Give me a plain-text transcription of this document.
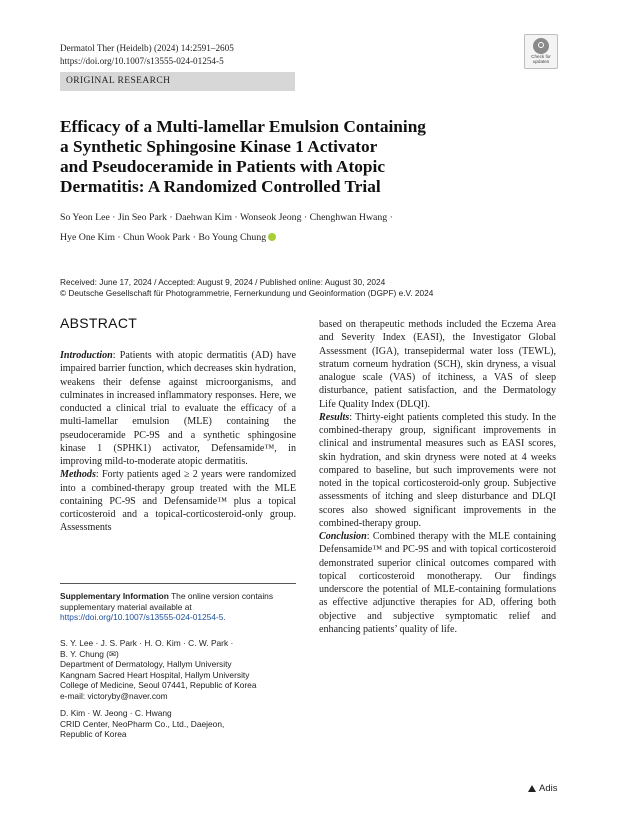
Dermatol Ther (Heidelb) (2024) 14:2591–2605
https://doi.org/10.1007/s13555-024-01254-5	Check for
updates
ORIGINAL RESEARCH
Efficacy of a Multi-lamellar Emulsion Containing
a Synthetic Sphingosine Kinase 1 Activator
and Pseudoceramide in Patients with Atopic
Dermatitis: A Randomized Controlled Trial
So Yeon Lee · Jin Seo Park · Daehwan Kim · Wonseok Jeong · Chenghwan Hwang ·
Hye One Kim · Chun Wook Park · Bo Young Chung
Received: June 17, 2024 / Accepted: August 9, 2024 / Published online: August 30, 2024
© Deutsche Gesellschaft für Photogrammetrie, Fernerkundung und Geoinformation (DGPF) e.V. 2024
ABSTRACT

Introduction: Patients with atopic dermatitis (AD) have impaired barrier function, which decreases skin hydration, weakens their defense against microorganisms, and culminates in increased inflammatory responses. Here, we conducted a clinical trial to evaluate the efficacy of a multi-lamellar emulsion (MLE) containing the pseudoceramide PC-9S and a synthetic sphingosine kinase 1 (SPHK1) activator, Defensamide™, in improving mild-to-moderate atopic dermatitis.

Methods: Forty patients aged ≥ 2 years were randomized into a combined-therapy group treated with the MLE containing PC-9S and Defensamide™ plus a topical corticosteroid and a topical-corticosteroid-only group. Assessments

based on therapeutic methods included the Eczema Area and Severity Index (EASI), the Investigator Global Assessment (IGA), transepidermal water loss (TEWL), stratum corneum hydration (SCH), skin dryness, a visual analogue scale (VAS) of itchiness, a VAS of sleep disturbance, patient satisfaction, and the Dermatology Life Quality Index (DLQI).

Results: Thirty-eight patients completed this study. In the combined-therapy group, significant improvements in clinical and instrumental measures such as EASI scores, skin hydration, and skin dryness were noted at 4 weeks compared to baseline, but such improvements were not noted in the topical corticosteroid-only group. Subjective assessments of itching and sleep disturbance and DLQI scores also showed significant improvements in the combined-therapy group.

Conclusion: Combined therapy with the MLE containing Defensamide™ and PC-9S and with topical corticosteroid demonstrated superior clinical outcomes compared with topical corticosteroid monotherapy. Our findings underscore the potential of MLE-containing formulations as effective adjunctive therapies for AD, offering both objective and subjective symptomatic relief and enhancing patients’ quality of life.

Supplementary Information The online version contains supplementary material available at https://doi.org/10.1007/s13555-024-01254-5.
S. Y. Lee · J. S. Park · H. O. Kim · C. W. Park ·
B. Y. Chung (✉)
Department of Dermatology, Hallym University
Kangnam Sacred Heart Hospital, Hallym University
College of Medicine, Seoul 07441, Republic of Korea
e-mail: victoryby@naver.com
D. Kim · W. Jeong · C. Hwang
CRID Center, NeoPharm Co., Ltd., Daejeon,
Republic of Korea
Adis
